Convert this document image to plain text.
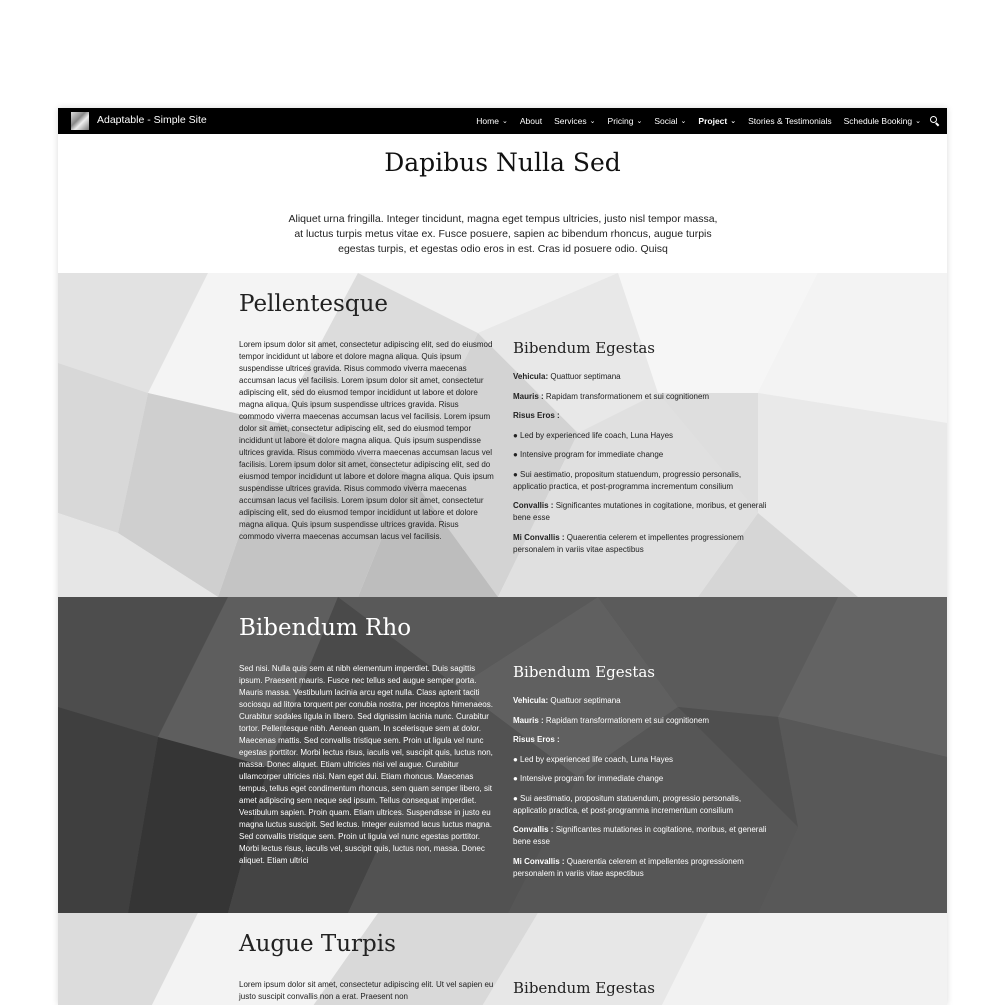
Adaptable - Simple Site	Home ⌄ About Services ⌄ Pricing ⌄ Social ⌄ Project ⌄ Stories & Testimonials Schedule Booking ⌄
Dapibus Nulla Sed
Aliquet urna fringilla. Integer tincidunt, magna eget tempus ultricies, justo nisl tempor massa, at luctus turpis metus vitae ex. Fusce posuere, sapien ac bibendum rhoncus, augue turpis egestas turpis, et egestas odio eros in est. Cras id posuere odio. Quisq
Pellentesque
Lorem ipsum dolor sit amet, consectetur adipiscing elit, sed do eiusmod tempor incididunt ut labore et dolore magna aliqua. Quis ipsum suspendisse ultrices gravida. Risus commodo viverra maecenas accumsan lacus vel facilisis. Lorem ipsum dolor sit amet, consectetur adipiscing elit, sed do eiusmod tempor incididunt ut labore et dolore magna aliqua. Quis ipsum suspendisse ultrices gravida. Risus commodo viverra maecenas accumsan lacus vel facilisis. Lorem ipsum dolor sit amet, consectetur adipiscing elit, sed do eiusmod tempor incididunt ut labore et dolore magna aliqua. Quis ipsum suspendisse ultrices gravida. Risus commodo viverra maecenas accumsan lacus vel facilisis. Lorem ipsum dolor sit amet, consectetur adipiscing elit, sed do eiusmod tempor incididunt ut labore et dolore magna aliqua. Quis ipsum suspendisse ultrices gravida. Risus commodo viverra maecenas accumsan lacus vel facilisis. Lorem ipsum dolor sit amet, consectetur adipiscing elit, sed do eiusmod tempor incididunt ut labore et dolore magna aliqua. Quis ipsum suspendisse ultrices gravida. Risus commodo viverra maecenas accumsan lacus vel facilisis.
Bibendum Egestas
Vehicula: Quattuor septimana
Mauris : Rapidam transformationem et sui cognitionem
Risus Eros :
● Led by experienced life coach, Luna Hayes
● Intensive program for immediate change
● Sui aestimatio, propositum statuendum, progressio personalis, applicatio practica, et post-programma incrementum consilium
Convallis : Significantes mutationes in cogitatione, moribus, et generali bene esse
Mi Convallis : Quaerentia celerem et impellentes progressionem personalem in variis vitae aspectibus
Bibendum Rho
Sed nisi. Nulla quis sem at nibh elementum imperdiet. Duis sagittis ipsum. Praesent mauris. Fusce nec tellus sed augue semper porta. Mauris massa. Vestibulum lacinia arcu eget nulla. Class aptent taciti sociosqu ad litora torquent per conubia nostra, per inceptos himenaeos. Curabitur sodales ligula in libero. Sed dignissim lacinia nunc. Curabitur tortor. Pellentesque nibh. Aenean quam. In scelerisque sem at dolor. Maecenas mattis. Sed convallis tristique sem. Proin ut ligula vel nunc egestas porttitor. Morbi lectus risus, iaculis vel, suscipit quis, luctus non, massa. Donec aliquet. Etiam ultricies nisi vel augue. Curabitur ullamcorper ultricies nisi. Nam eget dui. Etiam rhoncus. Maecenas tempus, tellus eget condimentum rhoncus, sem quam semper libero, sit amet adipiscing sem neque sed ipsum. Tellus consequat imperdiet. Vestibulum sapien. Proin quam. Etiam ultrices. Suspendisse in justo eu magna luctus suscipit. Sed lectus. Integer euismod lacus luctus magna. Sed convallis tristique sem. Proin ut ligula vel nunc egestas porttitor. Morbi lectus risus, iaculis vel, suscipit quis, luctus non, massa. Donec aliquet. Etiam ultrici
Bibendum Egestas
Vehicula: Quattuor septimana
Mauris : Rapidam transformationem et sui cognitionem
Risus Eros :
● Led by experienced life coach, Luna Hayes
● Intensive program for immediate change
● Sui aestimatio, propositum statuendum, progressio personalis, applicatio practica, et post-programma incrementum consilium
Convallis : Significantes mutationes in cogitatione, moribus, et generali bene esse
Mi Convallis : Quaerentia celerem et impellentes progressionem personalem in variis vitae aspectibus
Augue Turpis
Lorem ipsum dolor sit amet, consectetur adipiscing elit. Ut vel sapien eu justo suscipit convallis non a erat. Praesent non	Bibendum Egestas
